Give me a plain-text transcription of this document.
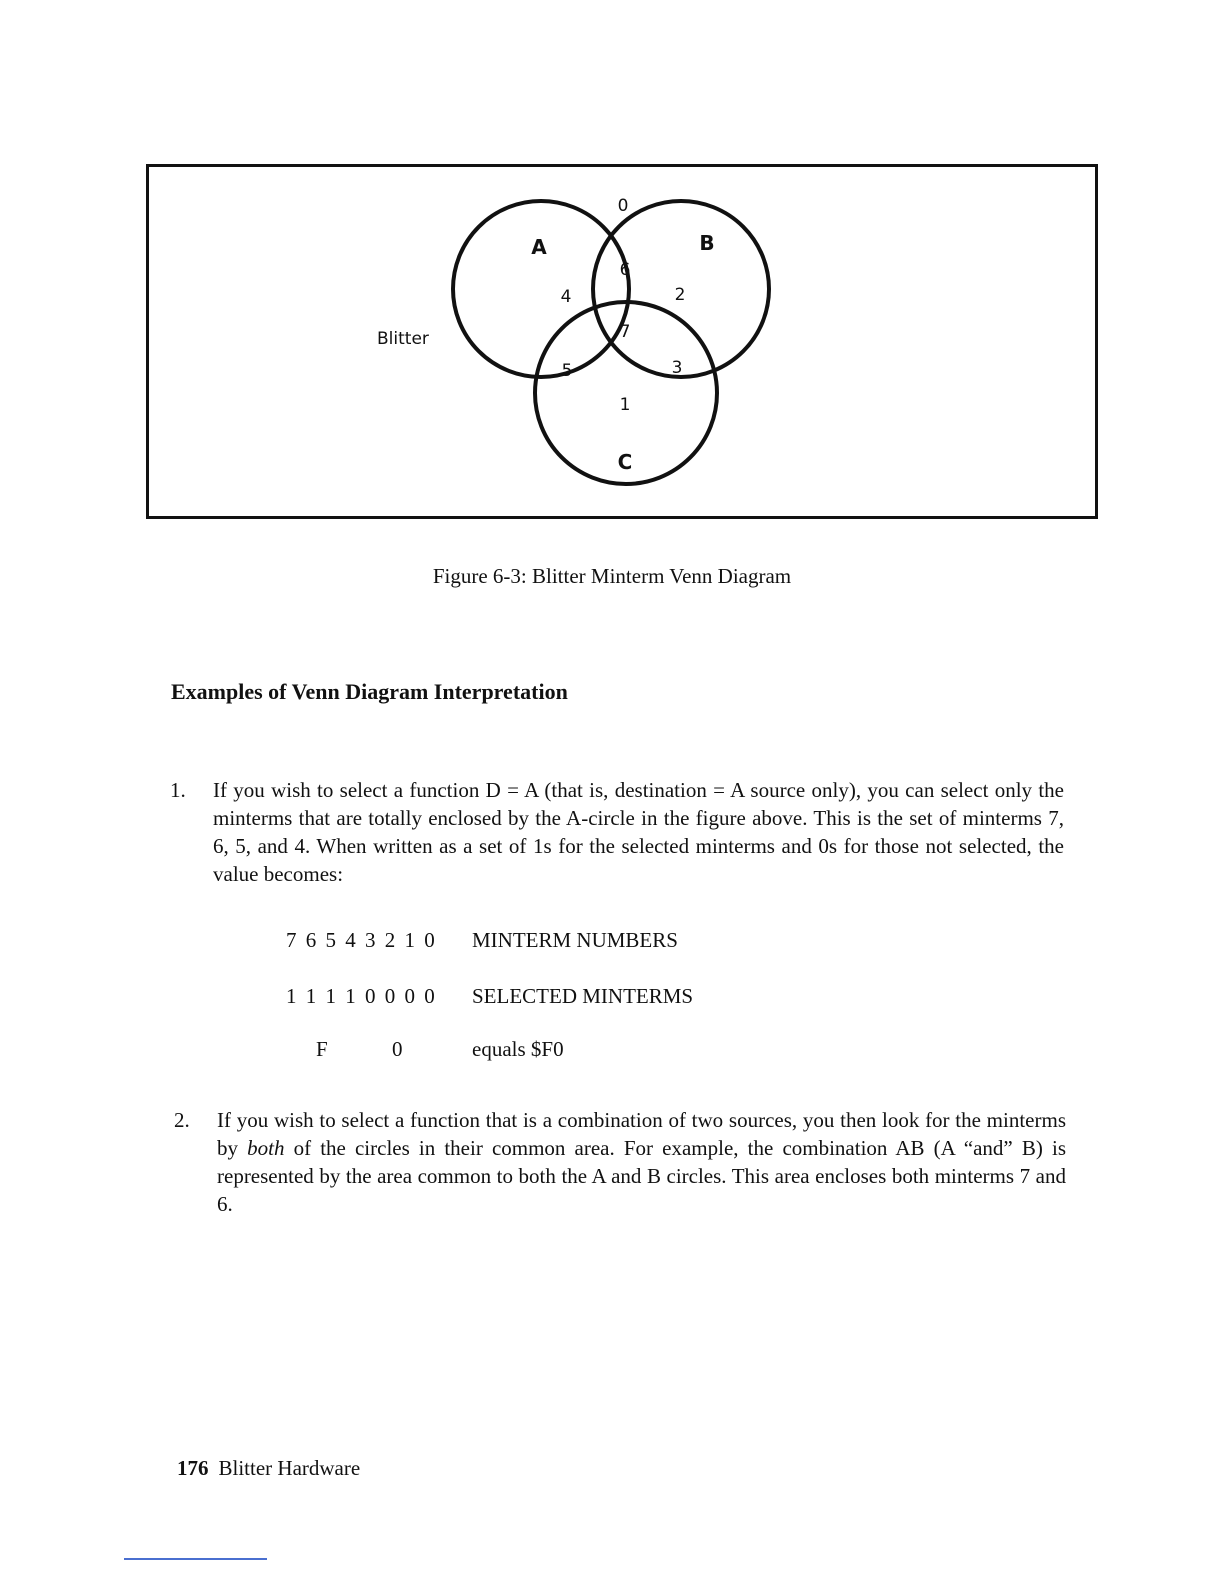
Blitter
A	B
C
0
6
4	2
7
5	3
1
Figure 6-3: Blitter Minterm Venn Diagram
Examples of Venn Diagram Interpretation
1.	If you wish to select a function D = A (that is, destination = A source only), you can select only the minterms that are totally enclosed by the A-circle in the figure above. This is the set of minterms 7, 6, 5, and 4. When written as a set of 1s for the selected minterms and 0s for those not selected, the value becomes:
7 6 5 4 3 2 1 0 MINTERM NUMBERS
1 1 1 1 0 0 0 0 SELECTED MINTERMS
F	0	equals $F0
2.	If you wish to select a function that is a combination of two sources, you then look for the minterms by both of the circles in their common area. For example, the combination AB (A “and” B) is represented by the area common to both the A and B circles. This area encloses both minterms 7 and 6.
176 Blitter Hardware
